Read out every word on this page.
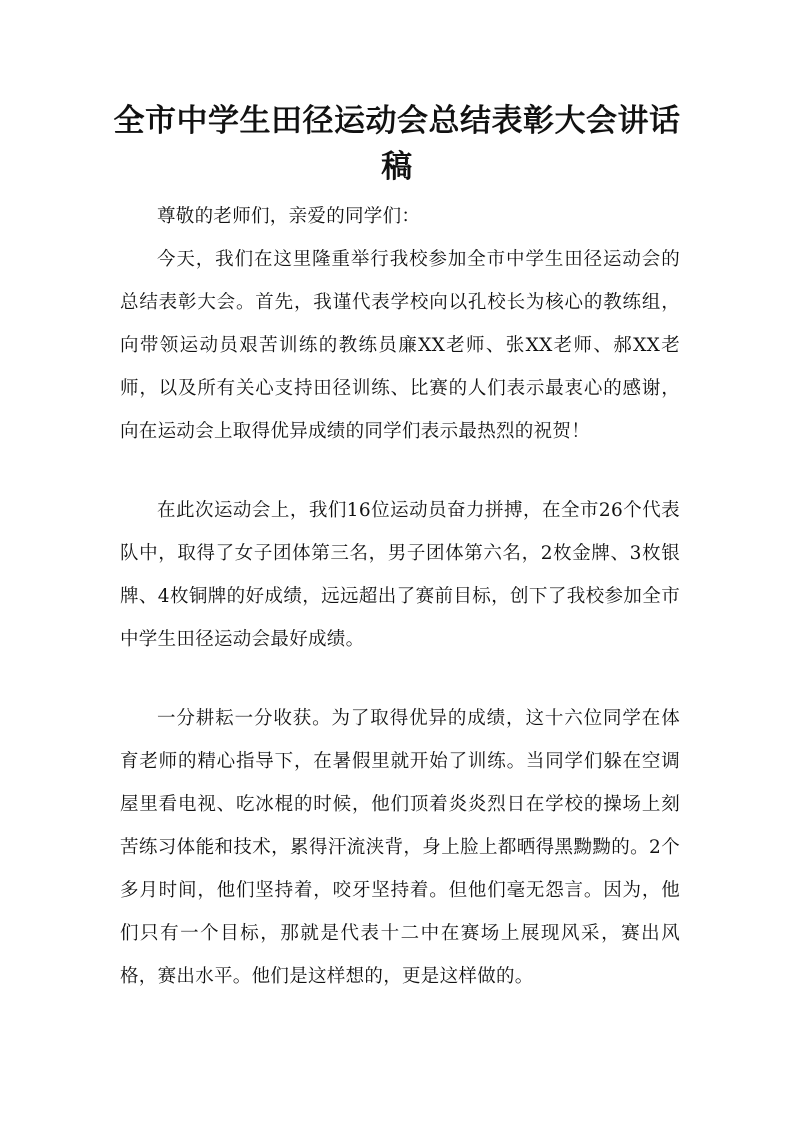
全市中学生田径运动会总结表彰大会讲话稿

尊敬的老师们，亲爱的同学们：

今天，我们在这里隆重举行我校参加全市中学生田径运动会的总结表彰大会。首先，我谨代表学校向以孔校长为核心的教练组，向带领运动员艰苦训练的教练员廉XX老师、张XX老师、郝XX老师，以及所有关心支持田径训练、比赛的人们表示最衷心的感谢，向在运动会上取得优异成绩的同学们表示最热烈的祝贺！

在此次运动会上，我们16位运动员奋力拼搏，在全市26个代表队中，取得了女子团体第三名，男子团体第六名，2枚金牌、3枚银牌、4枚铜牌的好成绩，远远超出了赛前目标，创下了我校参加全市中学生田径运动会最好成绩。

一分耕耘一分收获。为了取得优异的成绩，这十六位同学在体育老师的精心指导下，在暑假里就开始了训练。当同学们躲在空调屋里看电视、吃冰棍的时候，他们顶着炎炎烈日在学校的操场上刻苦练习体能和技术，累得汗流浃背，身上脸上都晒得黑黝黝的。2个多月时间，他们坚持着，咬牙坚持着。但他们毫无怨言。因为，他们只有一个目标，那就是代表十二中在赛场上展现风采，赛出风格，赛出水平。他们是这样想的，更是这样做的。
